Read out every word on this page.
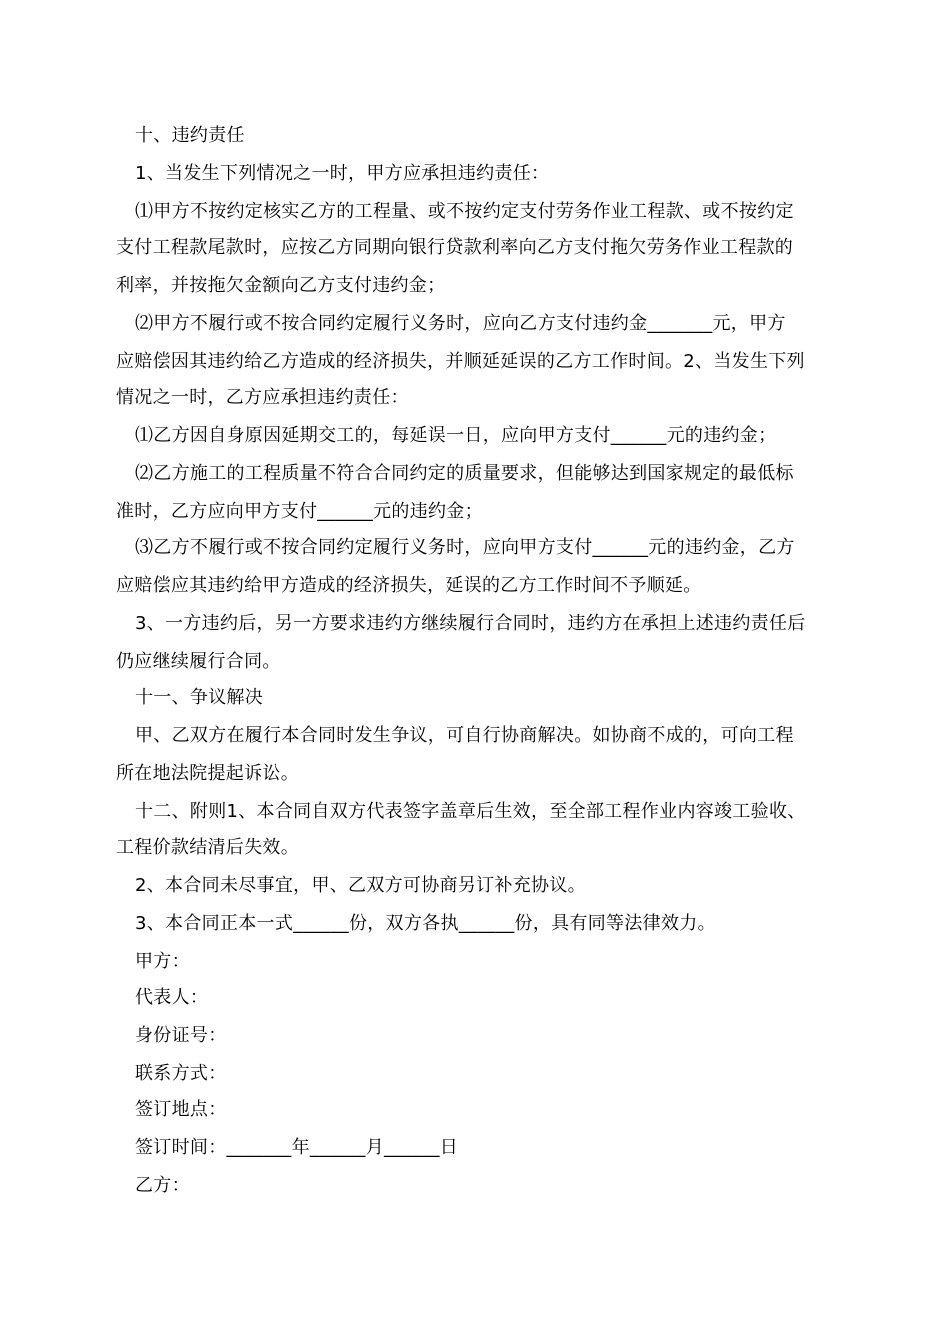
十、违约责任
1、当发生下列情况之一时，甲方应承担违约责任：
⑴甲方不按约定核实乙方的工程量、或不按约定支付劳务作业工程款、或不按约定
支付工程款尾款时，应按乙方同期向银行贷款利率向乙方支付拖欠劳务作业工程款的
利率，并按拖欠金额向乙方支付违约金；
⑵甲方不履行或不按合同约定履行义务时，应向乙方支付违约金_______元，甲方
应赔偿因其违约给乙方造成的经济损失，并顺延延误的乙方工作时间。2、当发生下列
情况之一时，乙方应承担违约责任：
⑴乙方因自身原因延期交工的，每延误一日，应向甲方支付______元的违约金；
⑵乙方施工的工程质量不符合合同约定的质量要求，但能够达到国家规定的最低标
准时，乙方应向甲方支付______元的违约金；
⑶乙方不履行或不按合同约定履行义务时，应向甲方支付______元的违约金，乙方
应赔偿应其违约给甲方造成的经济损失，延误的乙方工作时间不予顺延。
3、一方违约后，另一方要求违约方继续履行合同时，违约方在承担上述违约责任后
仍应继续履行合同。
十一、争议解决
甲、乙双方在履行本合同时发生争议，可自行协商解决。如协商不成的，可向工程
所在地法院提起诉讼。
十二、附则1、本合同自双方代表签字盖章后生效，至全部工程作业内容竣工验收、
工程价款结清后失效。
2、本合同未尽事宜，甲、乙双方可协商另订补充协议。
3、本合同正本一式______份，双方各执______份，具有同等法律效力。
甲方：
代表人：
身份证号：
联系方式：
签订地点：
签订时间：_______年______月______日
乙方：
